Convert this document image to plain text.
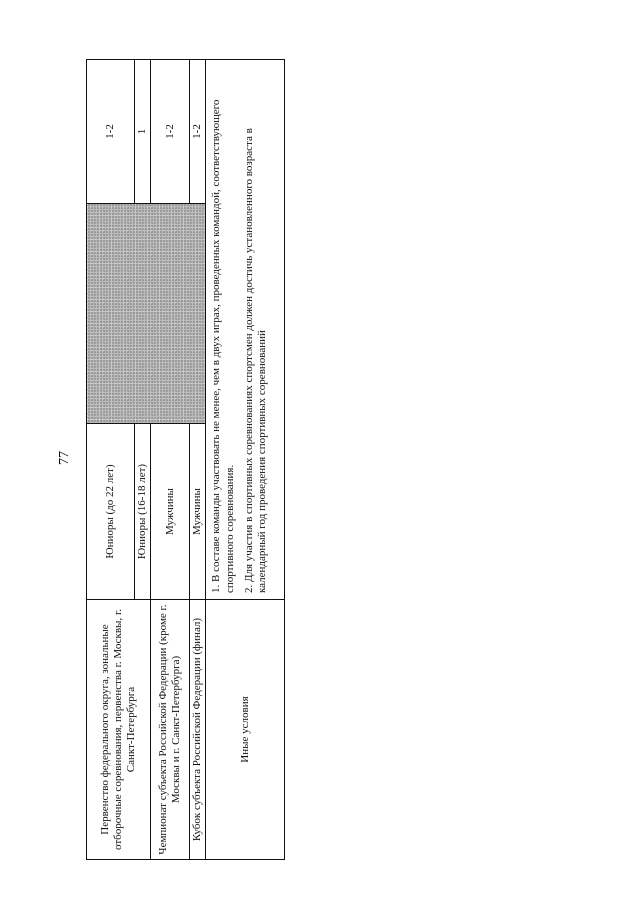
77
Первенство федерального округа, зональные отборочные соревнования, первенства г. Москвы, г. Санкт-Петербурга	Юниоры (до 22 лет)		1-2
	Юниоры (16-18 лет)		1
Чемпионат субъекта Российской Федерации (кроме г. Москвы и г. Санкт-Петербурга)	Мужчины		1-2
Кубок субъекта Российской Федерации (финал)	Мужчины		1-2
Иные условия	1. В составе команды участвовать не менее, чем в двух играх, проведенных командой, соответствующего спортивного соревнования. 2. Для участия в спортивных соревнованиях спортсмен должен достичь установленного возраста в календарный год проведения спортивных соревнований		
